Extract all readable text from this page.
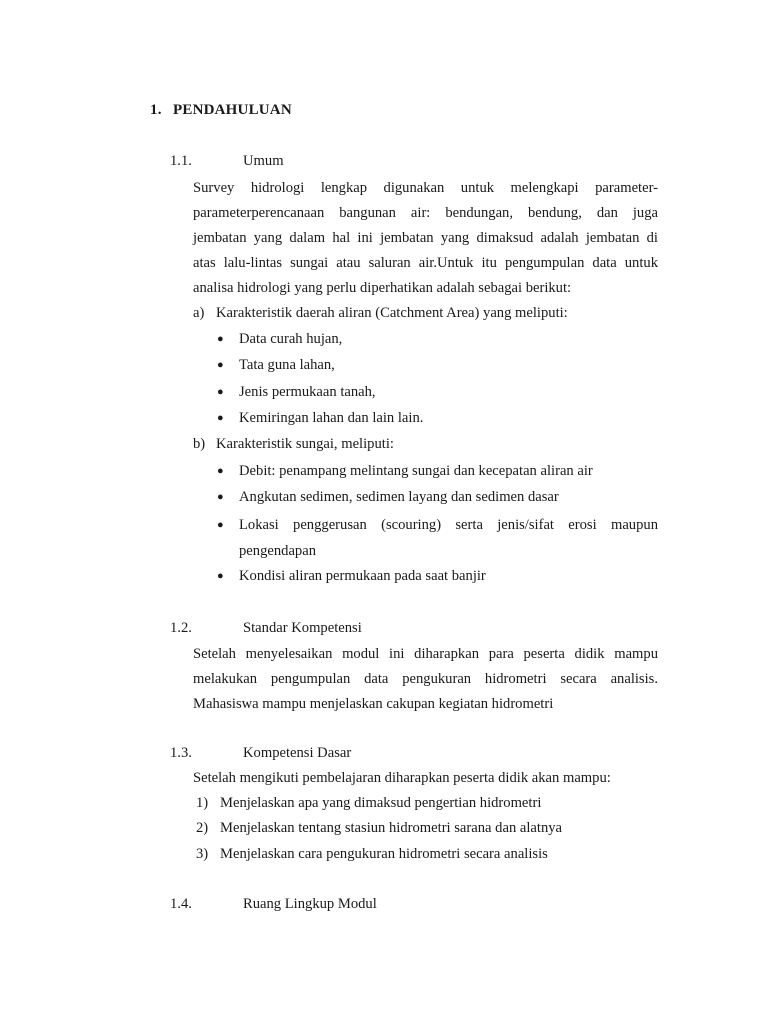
1. PENDAHULUAN
1.1.	Umum
Survey hidrologi lengkap digunakan untuk melengkapi parameter-
parameterperencanaan bangunan air: bendungan, bendung, dan juga
jembatan yang dalam hal ini jembatan yang dimaksud adalah jembatan di
atas lalu-lintas sungai atau saluran air.Untuk itu pengumpulan data untuk
analisa hidrologi yang perlu diperhatikan adalah sebagai berikut:
a) Karakteristik daerah aliran (Catchment Area) yang meliputi:
● Data curah hujan,
● Tata guna lahan,
● Jenis permukaan tanah,
● Kemiringan lahan dan lain lain.
b) Karakteristik sungai, meliputi:
● Debit: penampang melintang sungai dan kecepatan aliran air
● Angkutan sedimen, sedimen layang dan sedimen dasar
● Lokasi penggerusan (scouring) serta jenis/sifat erosi maupun
pengendapan
● Kondisi aliran permukaan pada saat banjir
1.2.	Standar Kompetensi
Setelah menyelesaikan modul ini diharapkan para peserta didik mampu
melakukan pengumpulan data pengukuran hidrometri secara analisis.
Mahasiswa mampu menjelaskan cakupan kegiatan hidrometri
1.3.	Kompetensi Dasar
Setelah mengikuti pembelajaran diharapkan peserta didik akan mampu:
1) Menjelaskan apa yang dimaksud pengertian hidrometri
2) Menjelaskan tentang stasiun hidrometri sarana dan alatnya
3) Menjelaskan cara pengukuran hidrometri secara analisis
1.4.	Ruang Lingkup Modul
